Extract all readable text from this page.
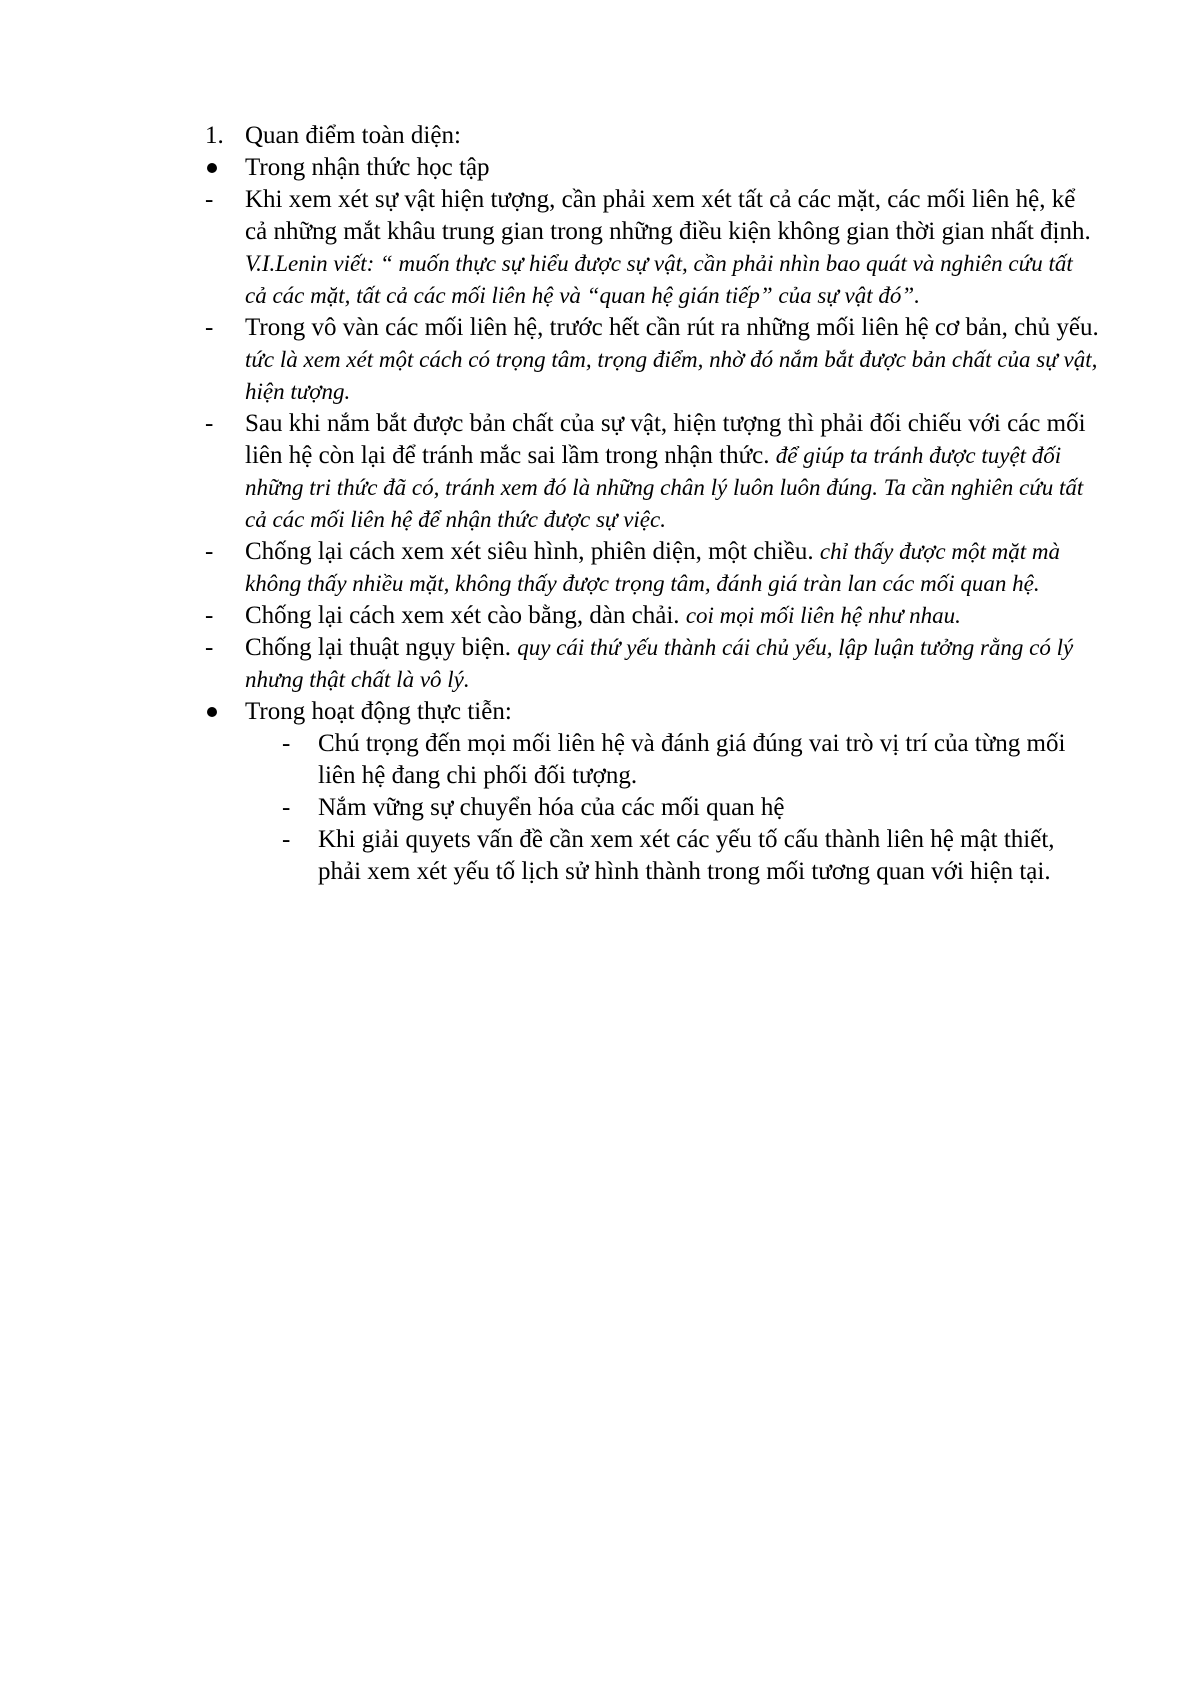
1. Quan điểm toàn diện:
Trong nhận thức học tập
- Khi xem xét sự vật hiện tượng, cần phải xem xét tất cả các mặt, các mối liên hệ, kể cả những mắt khâu trung gian trong những điều kiện không gian thời gian nhất định. V.I.Lenin viết: “ muốn thực sự hiểu được sự vật, cần phải nhìn bao quát và nghiên cứu tất cả các mặt, tất cả các mối liên hệ và “quan hệ gián tiếp” của sự vật đó”.
- Trong vô vàn các mối liên hệ, trước hết cần rút ra những mối liên hệ cơ bản, chủ yếu. tức là xem xét một cách có trọng tâm, trọng điểm, nhờ đó nắm bắt được bản chất của sự vật, hiện tượng.
- Sau khi nắm bắt được bản chất của sự vật, hiện tượng thì phải đối chiếu với các mối liên hệ còn lại để tránh mắc sai lầm trong nhận thức. để giúp ta tránh được tuyệt đối những tri thức đã có, tránh xem đó là những chân lý luôn luôn đúng. Ta cần nghiên cứu tất cả các mối liên hệ để nhận thức được sự việc.
- Chống lại cách xem xét siêu hình, phiên diện, một chiều. chỉ thấy được một mặt mà không thấy nhiều mặt, không thấy được trọng tâm, đánh giá tràn lan các mối quan hệ.
- Chống lại cách xem xét cào bằng, dàn chải. coi mọi mối liên hệ như nhau.
- Chống lại thuật ngụy biện. quy cái thứ yếu thành cái chủ yếu, lập luận tưởng rằng có lý nhưng thật chất là vô lý.
Trong hoạt động thực tiễn:
- Chú trọng đến mọi mối liên hệ và đánh giá đúng vai trò vị trí của từng mối liên hệ đang chi phối đối tượng.
- Nắm vững sự chuyển hóa của các mối quan hệ
- Khi giải quyets vấn đề cần xem xét các yếu tố cấu thành liên hệ mật thiết, phải xem xét yếu tố lịch sử hình thành trong mối tương quan với hiện tại.
